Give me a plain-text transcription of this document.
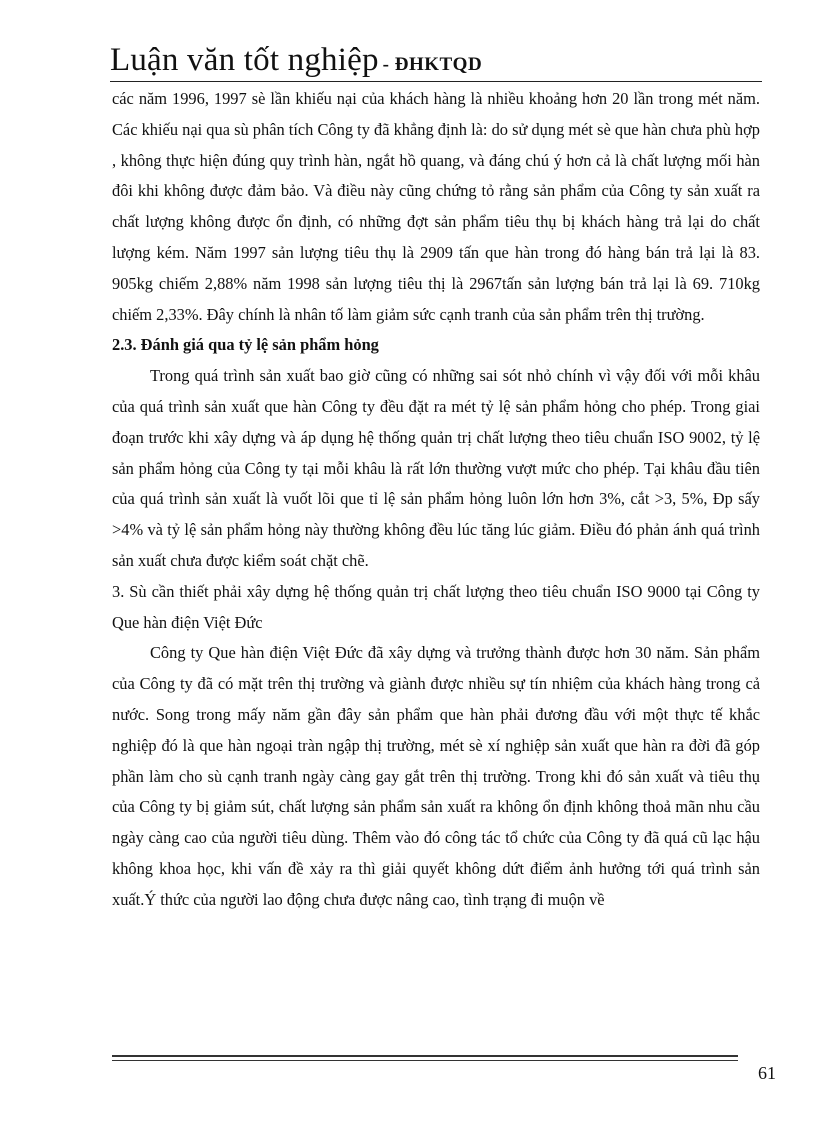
Luận văn tốt nghiệp - ĐHKTQD

các năm 1996, 1997 sè lần khiếu nại của khách hàng là nhiều khoảng hơn 20 lần trong mét năm. Các khiếu nại qua sù phân tích Công ty đã khẳng định là: do sử dụng mét sè que hàn chưa phù hợp , không thực hiện đúng quy trình hàn, ngắt hồ quang, và đáng chú ý hơn cả là chất lượng mối hàn đôi khi không được đảm bảo. Và điều này cũng chứng tỏ rằng sản phẩm của Công ty sản xuất ra chất lượng không được ổn định, có những đợt sản phẩm tiêu thụ bị khách hàng trả lại do chất lượng kém. Năm 1997 sản lượng tiêu thụ là 2909 tấn que hàn trong đó hàng bán trả lại là 83. 905kg chiếm 2,88% năm 1998 sản lượng tiêu thị là 2967tấn sản lượng bán trả lại là 69. 710kg chiếm 2,33%. Đây chính là nhân tố làm giảm sức cạnh tranh của sản phẩm trên thị trường.

2.3. Đánh giá qua tỷ lệ sản phẩm hỏng

Trong quá trình sản xuất bao giờ cũng có những sai sót nhỏ chính vì vậy đối với mỗi khâu của quá trình sản xuất que hàn Công ty đều đặt ra mét tỷ lệ sản phẩm hỏng cho phép. Trong giai đoạn trước khi xây dựng và áp dụng hệ thống quản trị chất lượng theo tiêu chuẩn ISO 9002, tỷ lệ sản phẩm hỏng của Công ty tại mỗi khâu là rất lớn thường vượt mức cho phép. Tại khâu đầu tiên của quá trình sản xuất là vuốt lõi que tỉ lệ sản phẩm hỏng luôn lớn hơn 3%, cắt >3, 5%, Đp sấy >4% và tỷ lệ sản phẩm hỏng này thường không đều lúc tăng lúc giảm. Điều đó phản ánh quá trình sản xuất chưa được kiểm soát chặt chẽ.

3. Sù cần thiết phải xây dựng hệ thống quản trị chất lượng theo tiêu chuẩn ISO 9000 tại Công ty Que hàn điện Việt Đức

Công ty Que hàn điện Việt Đức đã xây dựng và trưởng thành được hơn 30 năm. Sản phẩm của Công ty đã có mặt trên thị trường và giành được nhiều sự tín nhiệm của khách hàng trong cả nước. Song trong mấy năm gần đây sản phẩm que hàn phải đương đầu với một thực tế khắc nghiệp đó là que hàn ngoại tràn ngập thị trường, mét sè xí nghiệp sản xuất que hàn ra đời đã góp phần làm cho sù cạnh tranh ngày càng gay gắt trên thị trường. Trong khi đó sản xuất và tiêu thụ của Công ty bị giảm sút, chất lượng sản phẩm sản xuất ra không ổn định không thoả mãn nhu cầu ngày càng cao của người tiêu dùng. Thêm vào đó công tác tổ chức của Công ty đã quá cũ lạc hậu không khoa học, khi vấn đề xảy ra thì giải quyết không dứt điểm ảnh hưởng tới quá trình sản xuất.Ý thức của người lao động chưa được nâng cao, tình trạng đi muộn về

61
